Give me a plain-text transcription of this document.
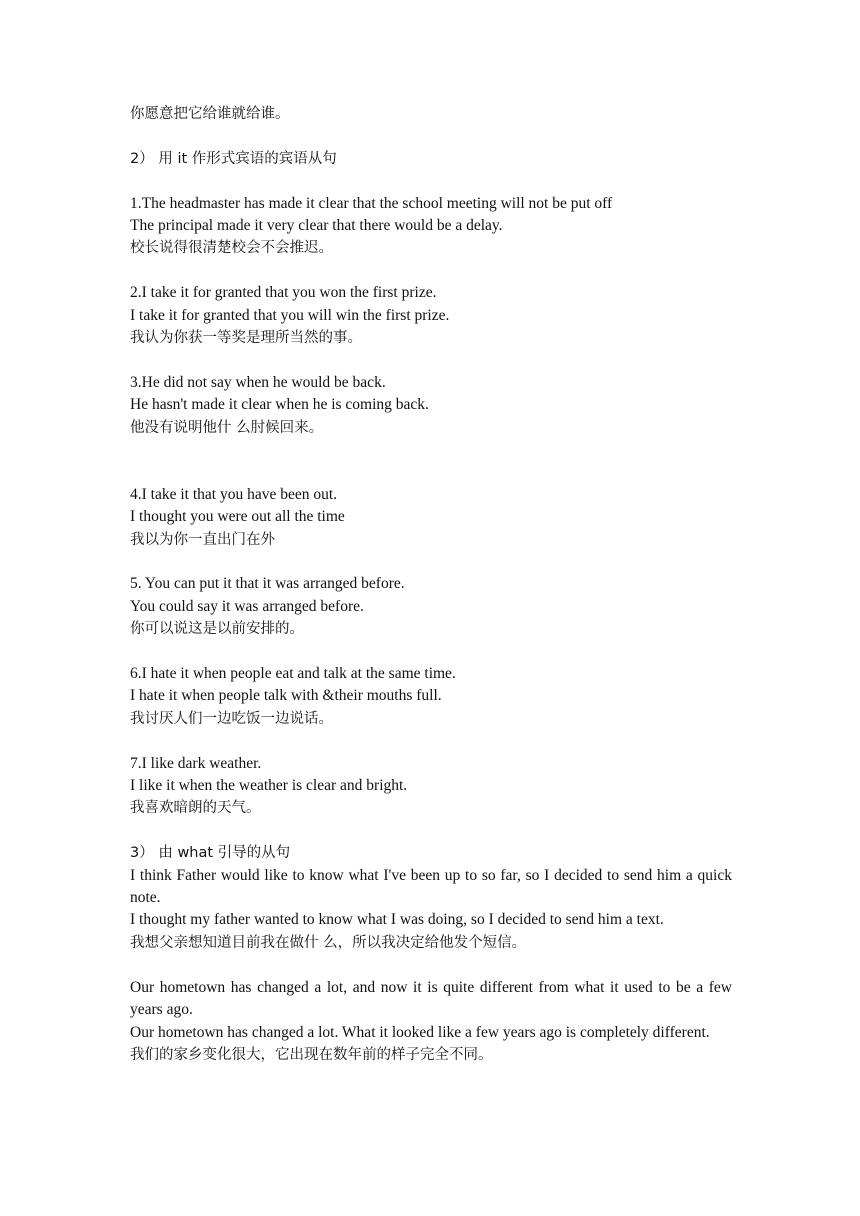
你愿意把它给谁就给谁。
2） 用 it 作形式宾语的宾语从句
1.The headmaster has made it clear that the school meeting will not be put off
The principal made it very clear that there would be a delay.
校长说得很清楚校会不会推迟。
2.I take it for granted that you won the first prize.
I take it for granted that you will win the first prize.
我认为你获一等奖是理所当然的事。
3.He did not say when he would be back.
He hasn't made it clear when he is coming back.
他没有说明他什 么肘候回来。
4.I take it that you have been out.
I thought you were out all the time
我以为你一直出门在外
5. You can put it that it was arranged before.
You could say it was arranged before.
你可以说这是以前安排的。
6.I hate it when people eat and talk at the same time.
I hate it when people talk with &their mouths full.
我讨厌人们一边吃饭一边说话。
7.I like dark weather.
I like it when the weather is clear and bright.
我喜欢暗朗的天气。
3） 由 what 引导的从句
I think Father would like to know what I've been up to so far, so I decided to send him a quick note.
I thought my father wanted to know what I was doing, so I decided to send him a text.
我想父亲想知道目前我在做什 么，所以我决定给他发个短信。
Our hometown has changed a lot, and now it is quite different from what it used to be a few years ago.
Our hometown has changed a lot. What it looked like a few years ago is completely different.
我们的家乡变化很大，它出现在数年前的样子完全不同。
